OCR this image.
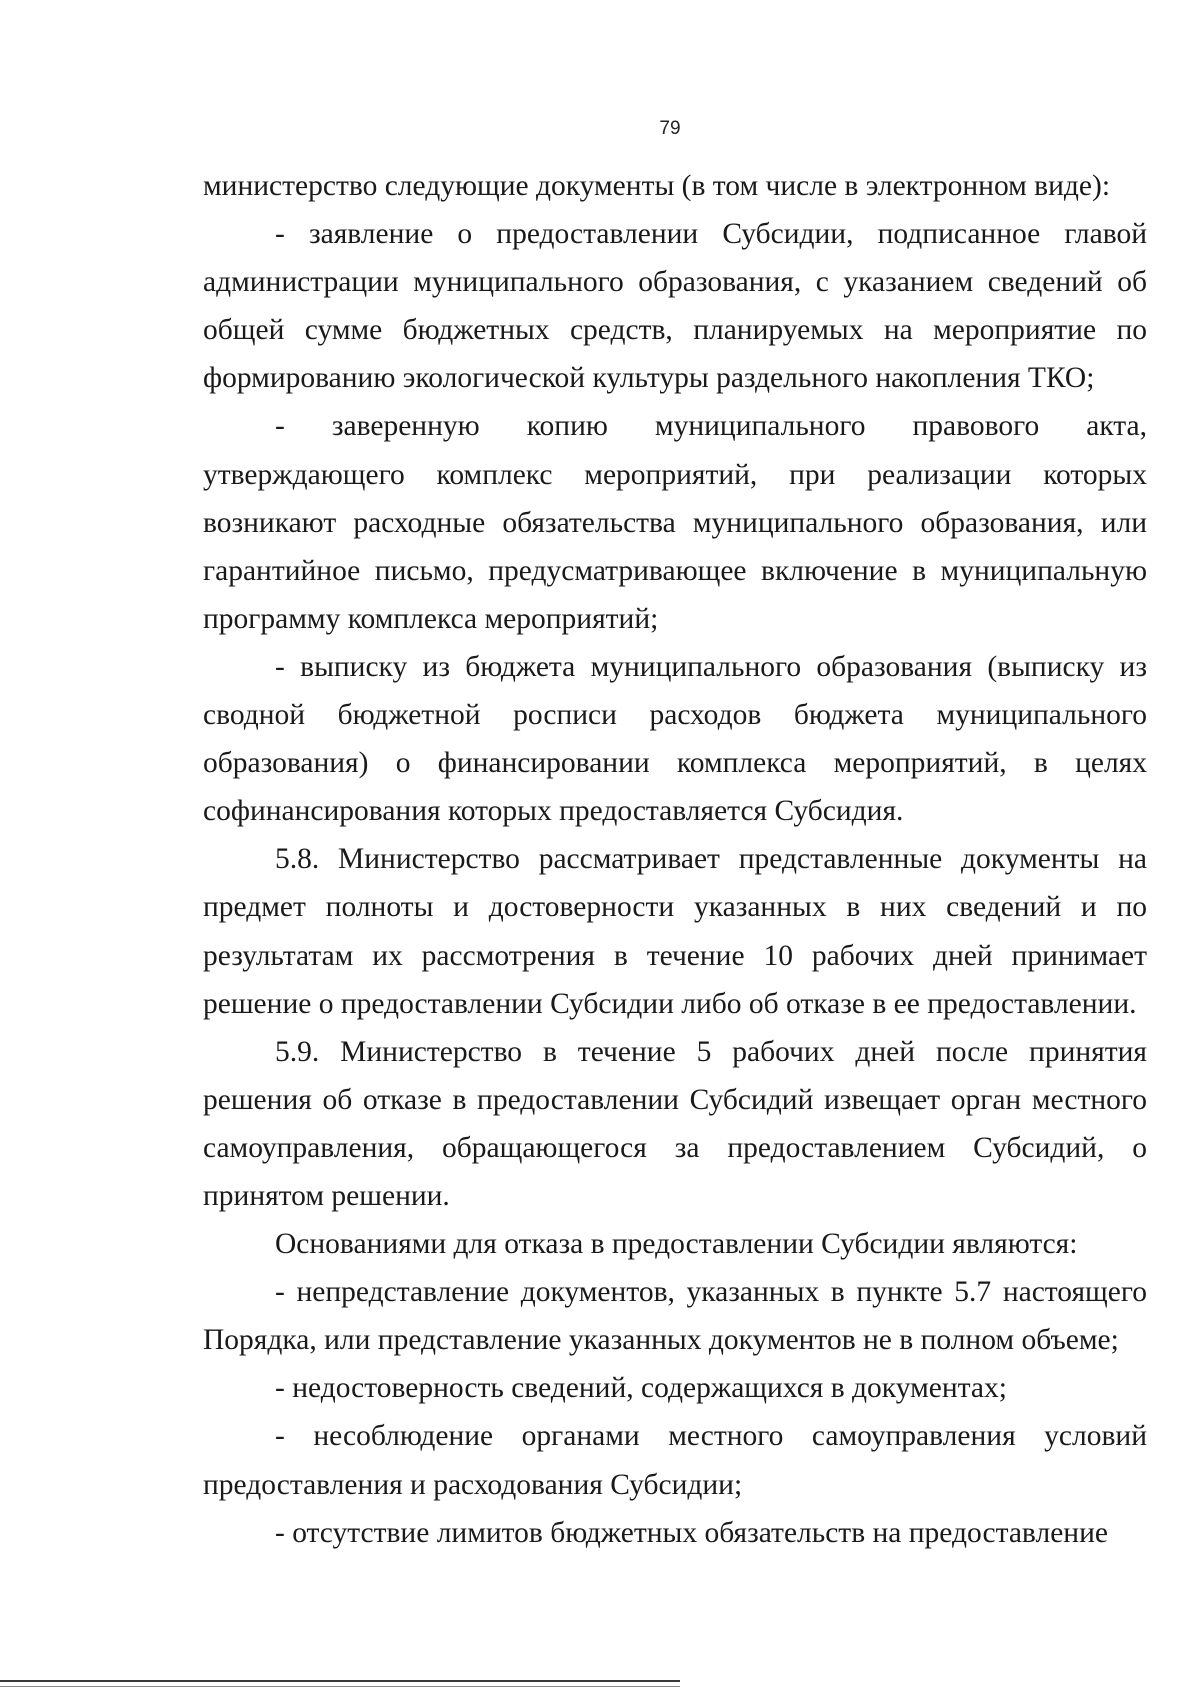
79

министерство следующие документы (в том числе в электронном виде):

- заявление о предоставлении Субсидии, подписанное главой администрации муниципального образования, с указанием сведений об общей сумме бюджетных средств, планируемых на мероприятие по формированию экологической культуры раздельного накопления ТКО;

- заверенную копию муниципального правового акта, утверждающего комплекс мероприятий, при реализации которых возникают расходные обязательства муниципального образования, или гарантийное письмо, предусматривающее включение в муниципальную программу комплекса мероприятий;

- выписку из бюджета муниципального образования (выписку из сводной бюджетной росписи расходов бюджета муниципального образования) о финансировании комплекса мероприятий, в целях софинансирования которых предоставляется Субсидия.

5.8. Министерство рассматривает представленные документы на предмет полноты и достоверности указанных в них сведений и по результатам их рассмотрения в течение 10 рабочих дней принимает решение о предоставлении Субсидии либо об отказе в ее предоставлении.

5.9. Министерство в течение 5 рабочих дней после принятия решения об отказе в предоставлении Субсидий извещает орган местного самоуправления, обращающегося за предоставлением Субсидий, о принятом решении.

Основаниями для отказа в предоставлении Субсидии являются:

- непредставление документов, указанных в пункте 5.7 настоящего Порядка, или представление указанных документов не в полном объеме;

- недостоверность сведений, содержащихся в документах;

- несоблюдение органами местного самоуправления условий предоставления и расходования Субсидии;

- отсутствие лимитов бюджетных обязательств на предоставление
